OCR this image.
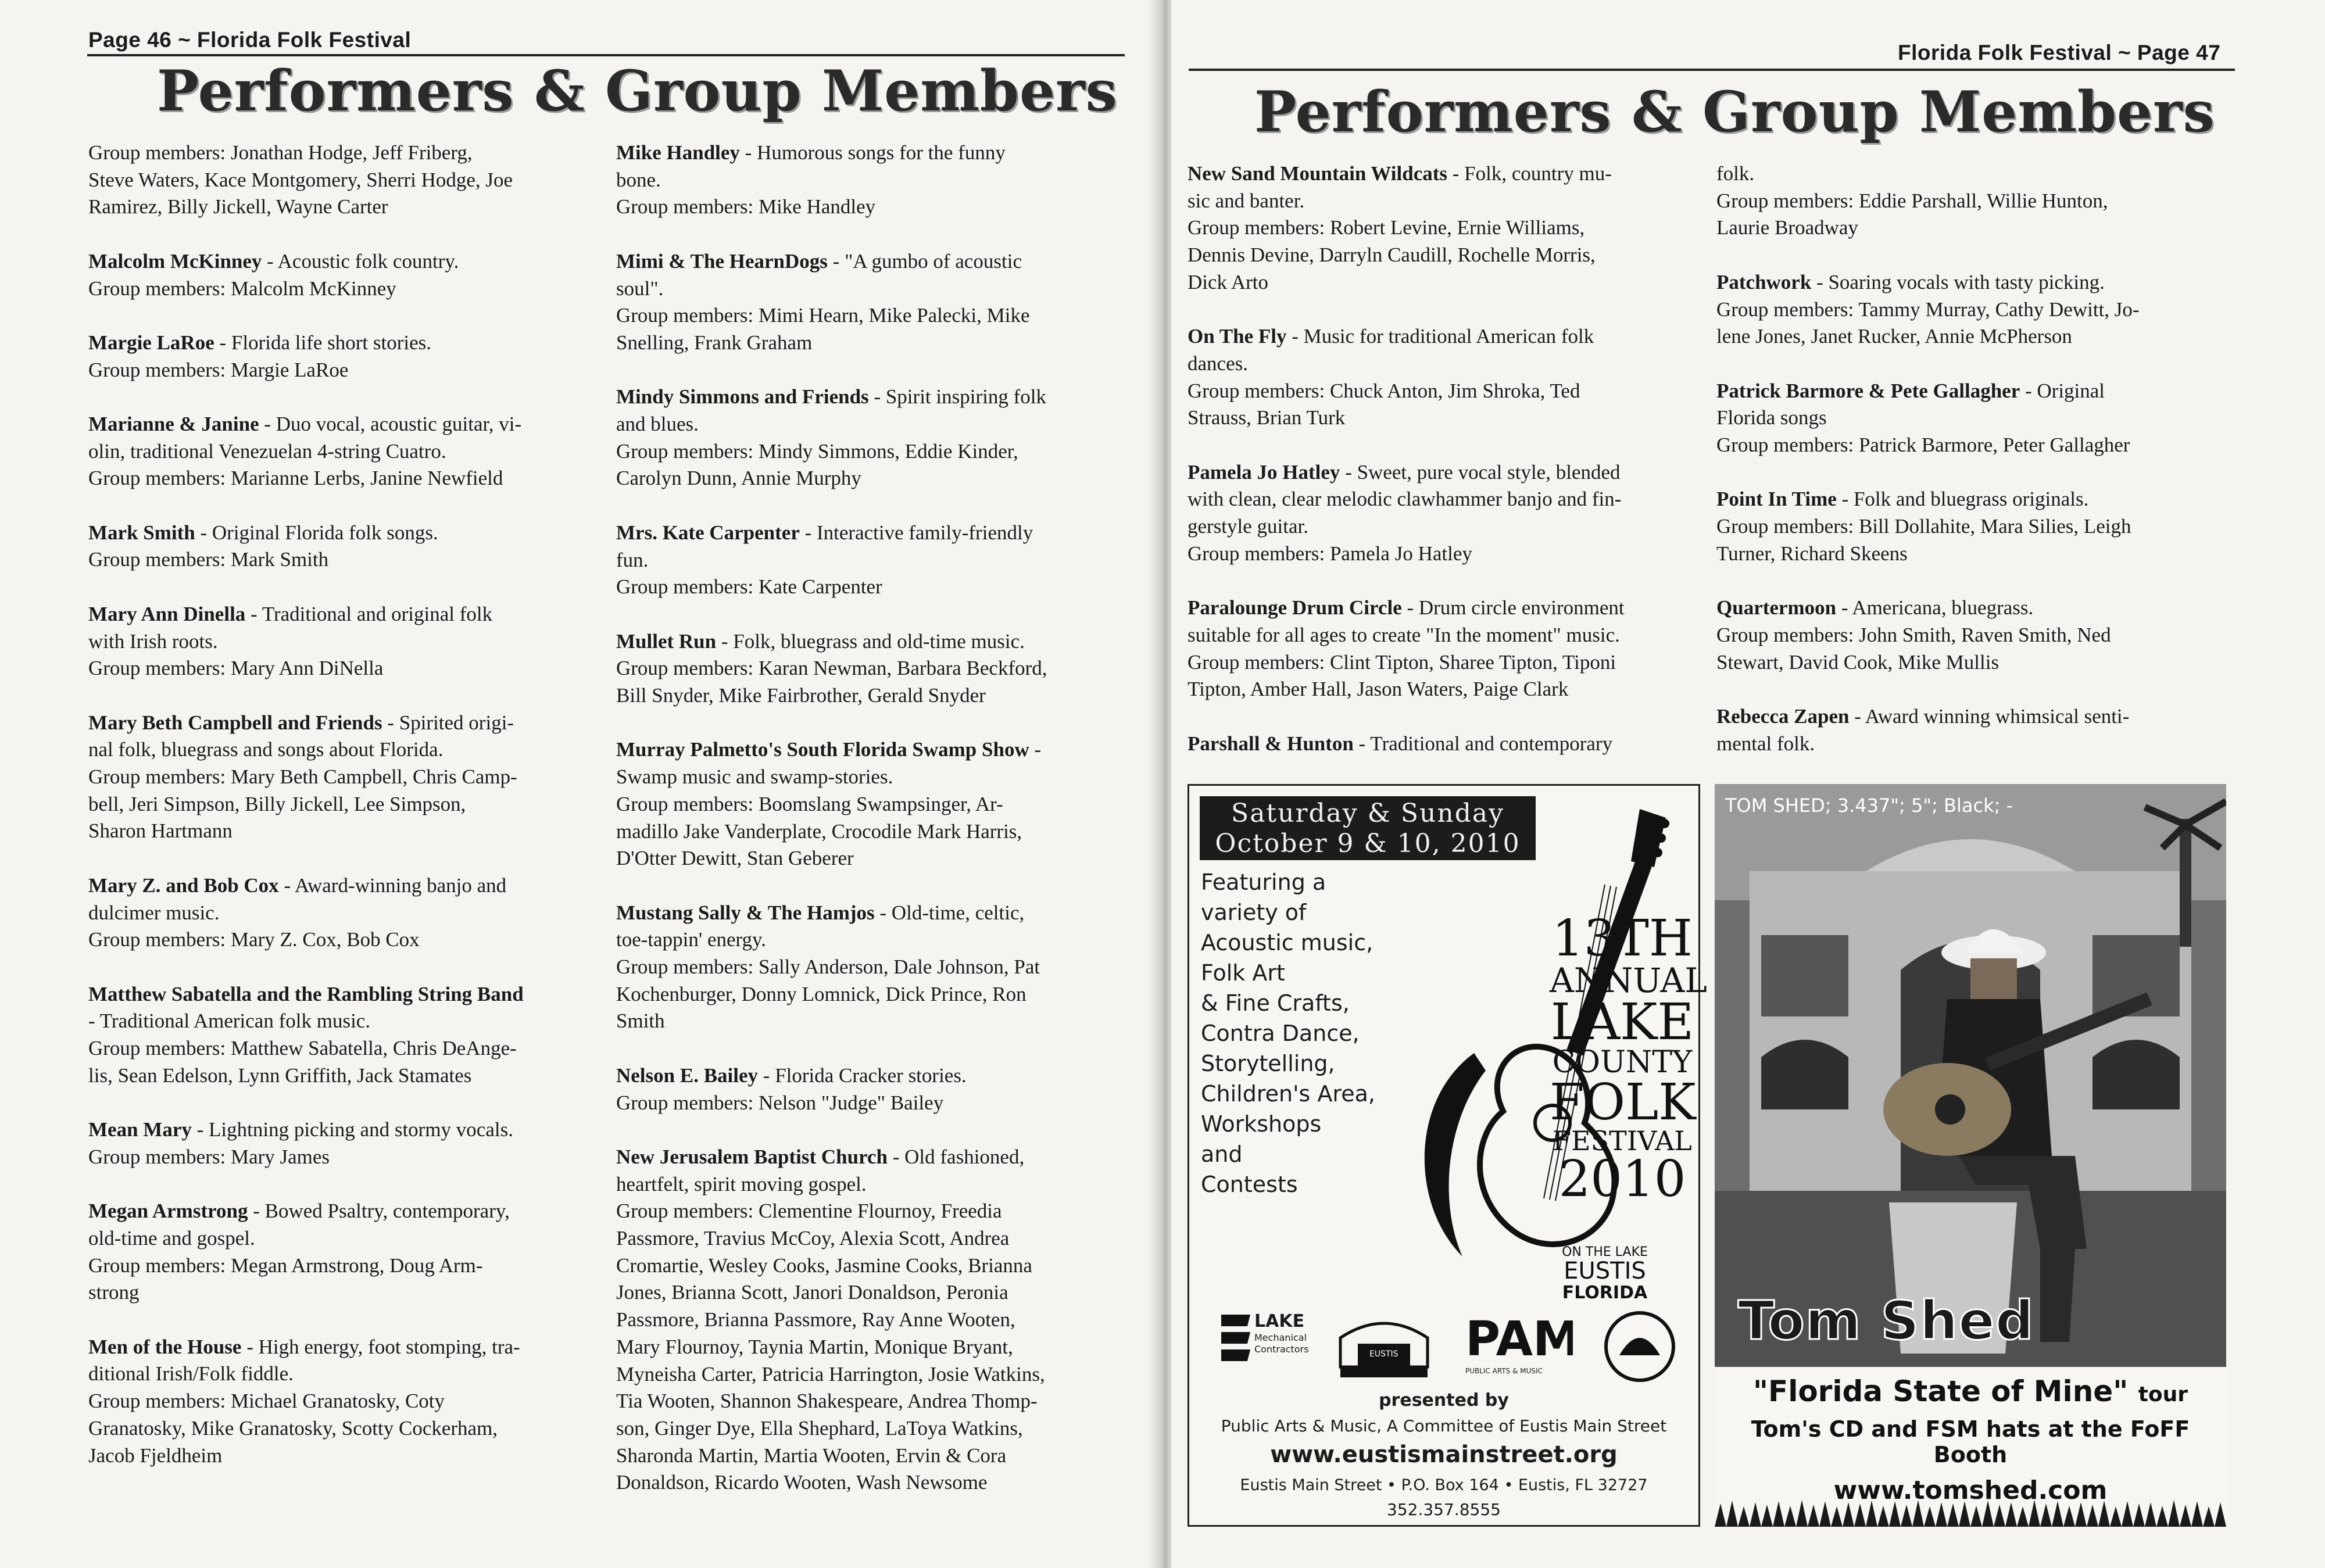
Page 46 ~ Florida Folk Festival
Performers & Group Members
Group members: Jonathan Hodge, Jeff Friberg,
Steve Waters, Kace Montgomery, Sherri Hodge, Joe
Ramirez, Billy Jickell, Wayne Carter
Malcolm McKinney - Acoustic folk country.
Group members: Malcolm McKinney
Margie LaRoe - Florida life short stories.
Group members: Margie LaRoe
Marianne & Janine - Duo vocal, acoustic guitar, vi-
olin, traditional Venezuelan 4-string Cuatro.
Group members: Marianne Lerbs, Janine Newfield
Mark Smith - Original Florida folk songs.
Group members: Mark Smith
Mary Ann Dinella - Traditional and original folk
with Irish roots.
Group members: Mary Ann DiNella
Mary Beth Campbell and Friends - Spirited origi-
nal folk, bluegrass and songs about Florida.
Group members: Mary Beth Campbell, Chris Camp-
bell, Jeri Simpson, Billy Jickell, Lee Simpson,
Sharon Hartmann
Mary Z. and Bob Cox - Award-winning banjo and
dulcimer music.
Group members: Mary Z. Cox, Bob Cox
Matthew Sabatella and the Rambling String Band
- Traditional American folk music.
Group members: Matthew Sabatella, Chris DeAnge-
lis, Sean Edelson, Lynn Griffith, Jack Stamates
Mean Mary - Lightning picking and stormy vocals.
Group members: Mary James
Megan Armstrong - Bowed Psaltry, contemporary,
old-time and gospel.
Group members: Megan Armstrong, Doug Arm-
strong
Men of the House - High energy, foot stomping, tra-
ditional Irish/Folk fiddle.
Group members: Michael Granatosky, Coty
Granatosky, Mike Granatosky, Scotty Cockerham,
Jacob Fjeldheim
Mike Handley - Humorous songs for the funny
bone.
Group members: Mike Handley
Mimi & The HearnDogs - "A gumbo of acoustic
soul".
Group members: Mimi Hearn, Mike Palecki, Mike
Snelling, Frank Graham
Mindy Simmons and Friends - Spirit inspiring folk
and blues.
Group members: Mindy Simmons, Eddie Kinder,
Carolyn Dunn, Annie Murphy
Mrs. Kate Carpenter - Interactive family-friendly
fun.
Group members: Kate Carpenter
Mullet Run - Folk, bluegrass and old-time music.
Group members: Karan Newman, Barbara Beckford,
Bill Snyder, Mike Fairbrother, Gerald Snyder
Murray Palmetto's South Florida Swamp Show -
Swamp music and swamp-stories.
Group members: Boomslang Swampsinger, Ar-
madillo Jake Vanderplate, Crocodile Mark Harris,
D'Otter Dewitt, Stan Geberer
Mustang Sally & The Hamjos - Old-time, celtic,
toe-tappin' energy.
Group members: Sally Anderson, Dale Johnson, Pat
Kochenburger, Donny Lomnick, Dick Prince, Ron
Smith
Nelson E. Bailey - Florida Cracker stories.
Group members: Nelson "Judge" Bailey
New Jerusalem Baptist Church - Old fashioned,
heartfelt, spirit moving gospel.
Group members: Clementine Flournoy, Freedia
Passmore, Travius McCoy, Alexia Scott, Andrea
Cromartie, Wesley Cooks, Jasmine Cooks, Brianna
Jones, Brianna Scott, Janori Donaldson, Peronia
Passmore, Brianna Passmore, Ray Anne Wooten,
Mary Flournoy, Taynia Martin, Monique Bryant,
Myneisha Carter, Patricia Harrington, Josie Watkins,
Tia Wooten, Shannon Shakespeare, Andrea Thomp-
son, Ginger Dye, Ella Shephard, LaToya Watkins,
Sharonda Martin, Martia Wooten, Ervin & Cora
Donaldson, Ricardo Wooten, Wash Newsome
Florida Folk Festival ~ Page 47
Performers & Group Members
New Sand Mountain Wildcats - Folk, country mu-
sic and banter.
Group members: Robert Levine, Ernie Williams,
Dennis Devine, Darryln Caudill, Rochelle Morris,
Dick Arto
On The Fly - Music for traditional American folk
dances.
Group members: Chuck Anton, Jim Shroka, Ted
Strauss, Brian Turk
Pamela Jo Hatley - Sweet, pure vocal style, blended
with clean, clear melodic clawhammer banjo and fin-
gerstyle guitar.
Group members: Pamela Jo Hatley
Paralounge Drum Circle - Drum circle environment
suitable for all ages to create "In the moment" music.
Group members: Clint Tipton, Sharee Tipton, Tiponi
Tipton, Amber Hall, Jason Waters, Paige Clark
Parshall & Hunton - Traditional and contemporary
folk.
Group members: Eddie Parshall, Willie Hunton,
Laurie Broadway
Patchwork - Soaring vocals with tasty picking.
Group members: Tammy Murray, Cathy Dewitt, Jo-
lene Jones, Janet Rucker, Annie McPherson
Patrick Barmore & Pete Gallagher - Original
Florida songs
Group members: Patrick Barmore, Peter Gallagher
Point In Time - Folk and bluegrass originals.
Group members: Bill Dollahite, Mara Silies, Leigh
Turner, Richard Skeens
Quartermoon - Americana, bluegrass.
Group members: John Smith, Raven Smith, Ned
Stewart, David Cook, Mike Mullis
Rebecca Zapen - Award winning whimsical senti-
mental folk.
Saturday & Sunday
October 9 & 10, 2010
Featuring a
variety of
Acoustic music,
Folk Art
& Fine Crafts,
Contra Dance,
Storytelling,
Children's Area,
Workshops
and
Contests
13TH
ANNUAL
LAKE
COUNTY
FOLK
FESTIVAL
2010
ON THE LAKE
EUSTIS
FLORIDA
LAKE
Mechanical
Contractors	EUSTIS PAM
PUBLIC ARTS & MUSIC
presented by
Public Arts & Music, A Committee of Eustis Main Street
www.eustismainstreet.org
Eustis Main Street • P.O. Box 164 • Eustis, FL 32727
352.357.8555
TOM SHED; 3.437"; 5"; Black; -
Tom Shed
"Florida State of Mine" tour
Tom's CD and FSM hats at the FoFF Booth
www.tomshed.com
